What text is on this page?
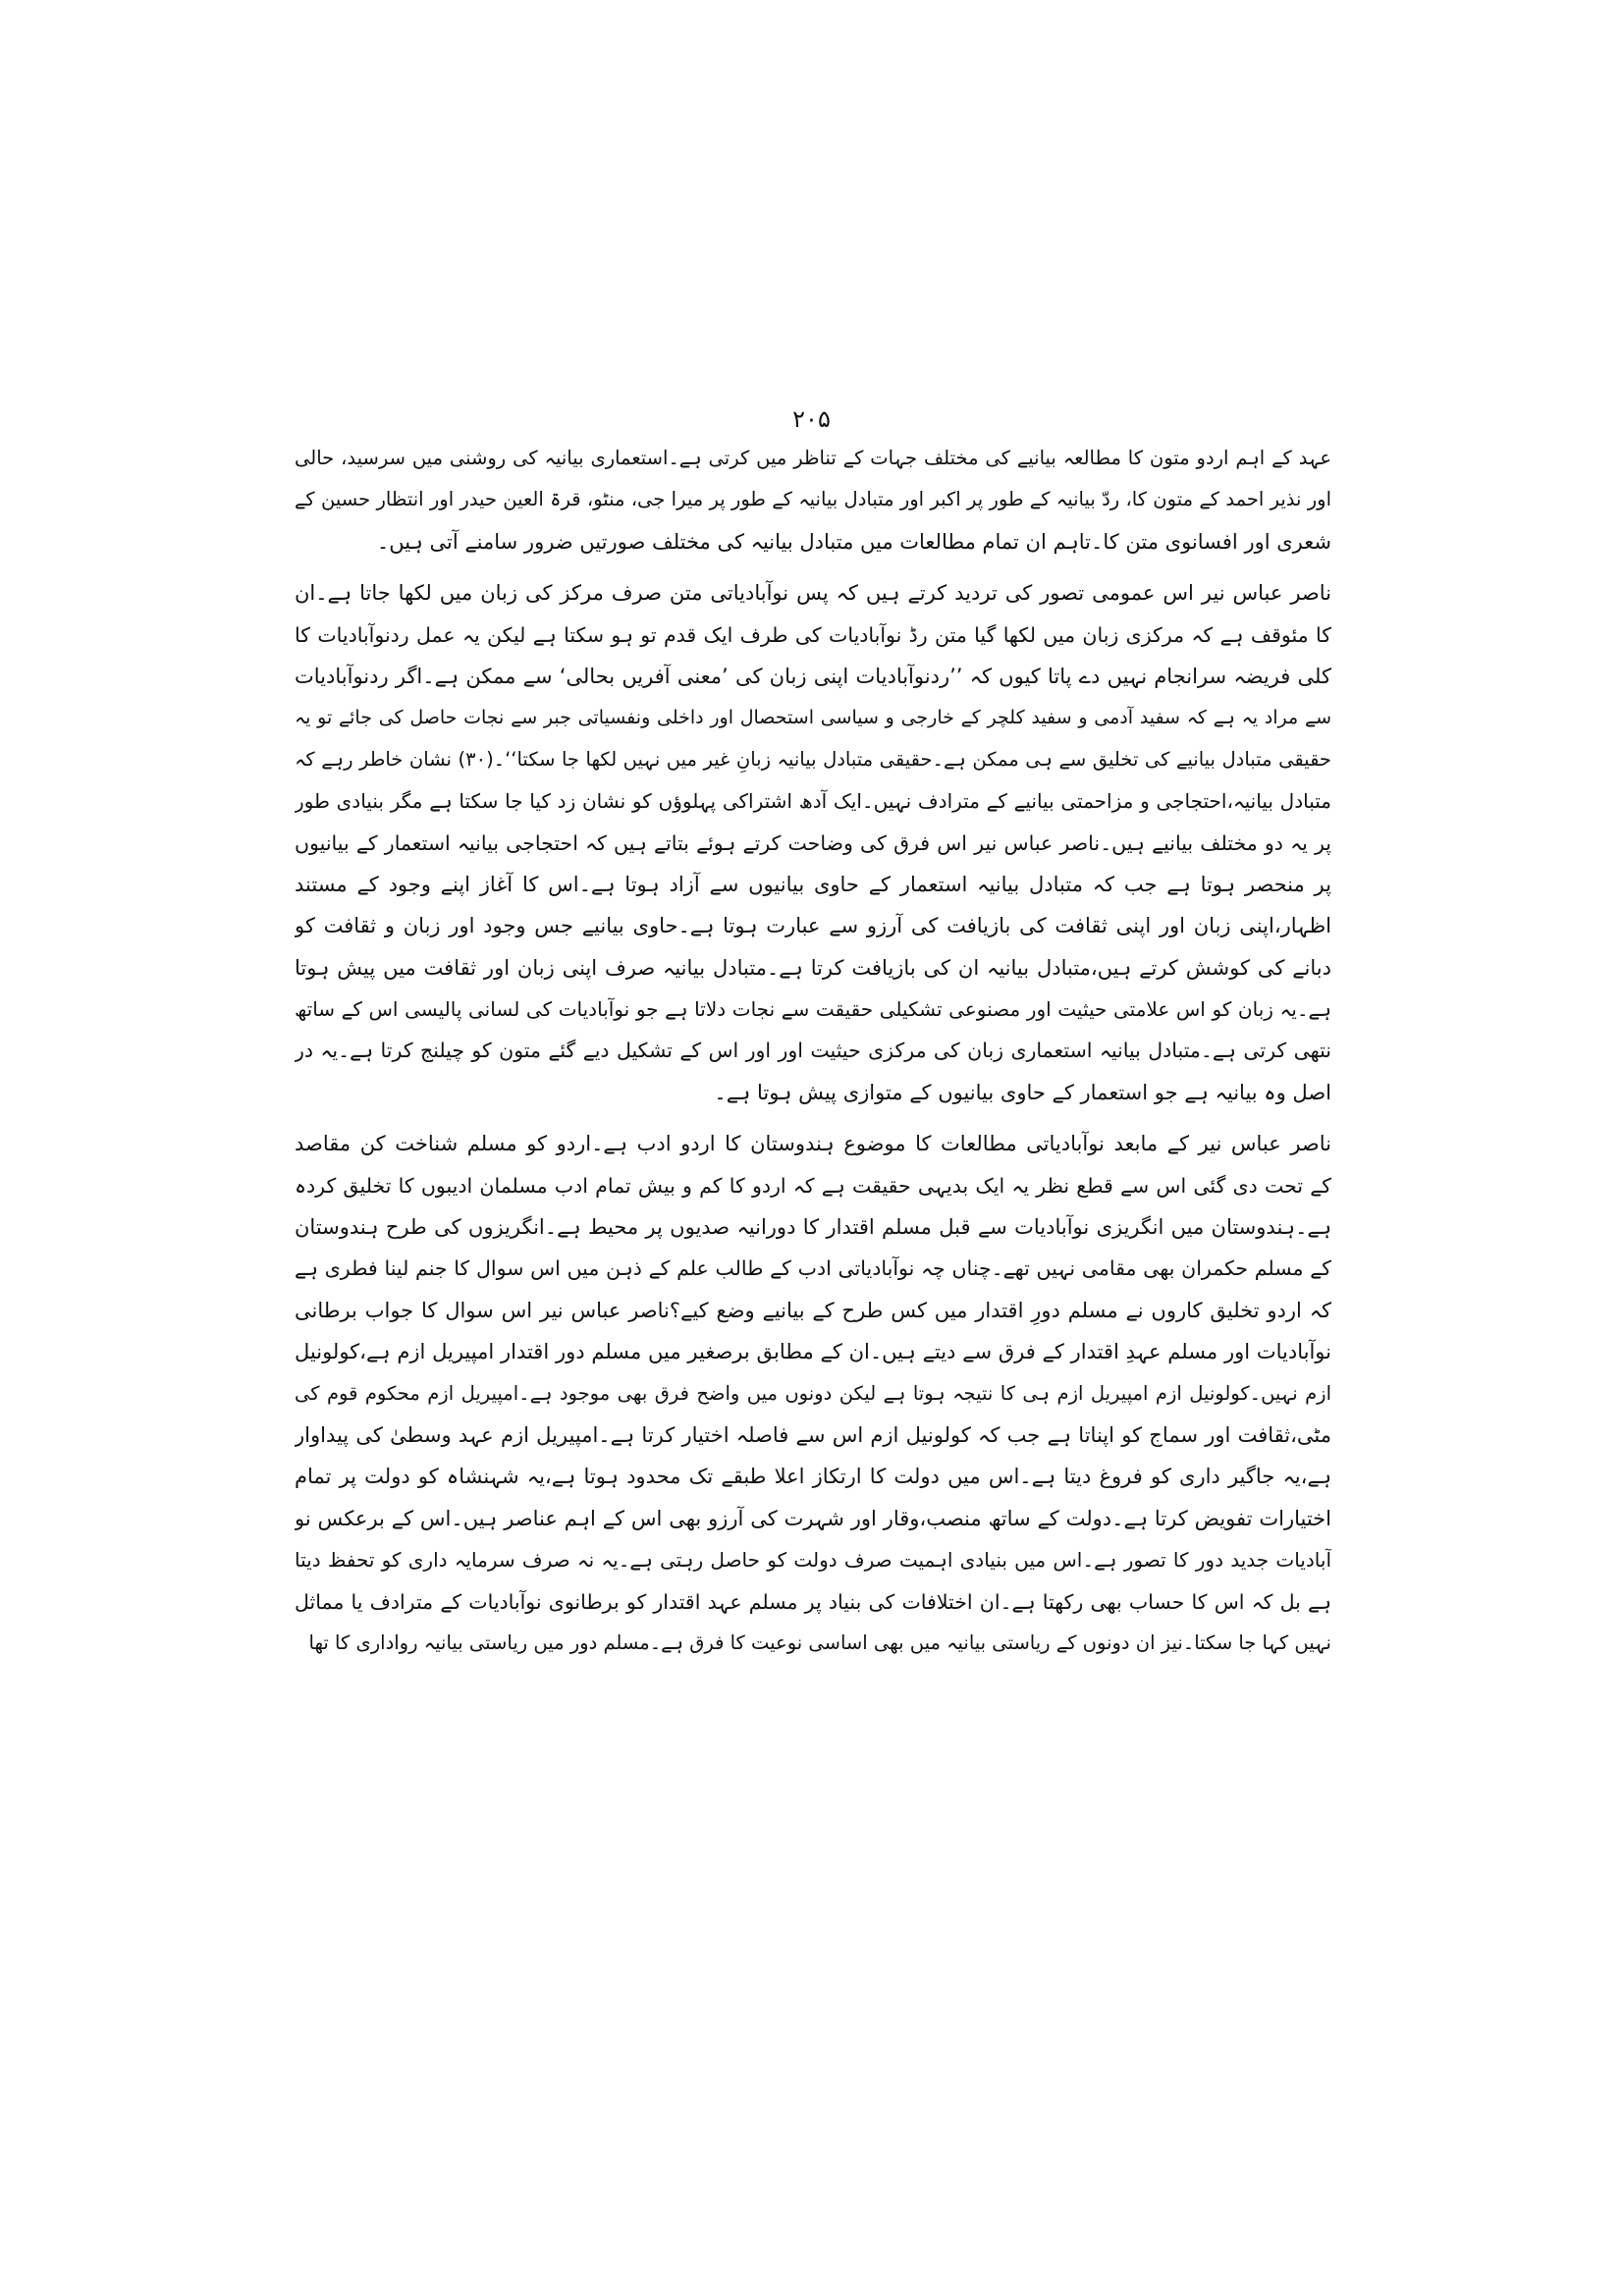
۲۰۵
عہد کے اہم اردو متون کا مطالعہ بیانیے کی مختلف جہات کے تناظر میں کرتی ہے۔استعماری بیانیہ کی روشنی میں سرسید، حالی
اور نذیر احمد کے متون کا، ردّ بیانیہ کے طور پر اکبر اور متبادل بیانیہ کے طور پر میرا جی، منٹو، قرۃ العین حیدر اور انتظار حسین کے
شعری اور افسانوی متن کا۔تاہم ان تمام مطالعات میں متبادل بیانیہ کی مختلف صورتیں ضرور سامنے آتی ہیں۔
ناصر عباس نیر اس عمومی تصور کی تردید کرتے ہیں کہ پس نوآبادیاتی متن صرف مرکز کی زبان میں لکھا جاتا ہے۔ان
کا مئوقف ہے کہ مرکزی زبان میں لکھا گیا متن رڈ نوآبادیات کی طرف ایک قدم تو ہو سکتا ہے لیکن یہ عمل ردنوآبادیات کا
کلی فریضہ سرانجام نہیں دے پاتا کیوں کہ ’’ردنوآبادیات اپنی زبان کی ’معنی آفریں بحالی‘ سے ممکن ہے۔اگر ردنوآبادیات
سے مراد یہ ہے کہ سفید آدمی و سفید کلچر کے خارجی و سیاسی استحصال اور داخلی ونفسیاتی جبر سے نجات حاصل کی جائے تو یہ
حقیقی متبادل بیانیے کی تخلیق سے ہی ممکن ہے۔حقیقی متبادل بیانیہ زبانِ غیر میں نہیں لکھا جا سکتا‘‘۔(۳۰) نشان خاطر رہے کہ
متبادل بیانیہ،احتجاجی و مزاحمتی بیانیے کے مترادف نہیں۔ایک آدھ اشتراکی پہلوؤں کو نشان زد کیا جا سکتا ہے مگر بنیادی طور
پر یہ دو مختلف بیانیے ہیں۔ناصر عباس نیر اس فرق کی وضاحت کرتے ہوئے بتاتے ہیں کہ احتجاجی بیانیہ استعمار کے بیانیوں
پر منحصر ہوتا ہے جب کہ متبادل بیانیہ استعمار کے حاوی بیانیوں سے آزاد ہوتا ہے۔اس کا آغاز اپنے وجود کے مستند
اظہار،اپنی زبان اور اپنی ثقافت کی بازیافت کی آرزو سے عبارت ہوتا ہے۔حاوی بیانیے جس وجود اور زبان و ثقافت کو
دبانے کی کوشش کرتے ہیں،متبادل بیانیہ ان کی بازیافت کرتا ہے۔متبادل بیانیہ صرف اپنی زبان اور ثقافت میں پیش ہوتا
ہے۔یہ زبان کو اس علامتی حیثیت اور مصنوعی تشکیلی حقیقت سے نجات دلاتا ہے جو نوآبادیات کی لسانی پالیسی اس کے ساتھ
نتھی کرتی ہے۔متبادل بیانیہ استعماری زبان کی مرکزی حیثیت اور اور اس کے تشکیل دیے گئے متون کو چیلنج کرتا ہے۔یہ در
اصل وہ بیانیہ ہے جو استعمار کے حاوی بیانیوں کے متوازی پیش ہوتا ہے۔
ناصر عباس نیر کے مابعد نوآبادیاتی مطالعات کا موضوع ہندوستان کا اردو ادب ہے۔اردو کو مسلم شناخت کن مقاصد
کے تحت دی گئی اس سے قطع نظر یہ ایک بدیہی حقیقت ہے کہ اردو کا کم و بیش تمام ادب مسلمان ادیبوں کا تخلیق کردہ
ہے۔ہندوستان میں انگریزی نوآبادیات سے قبل مسلم اقتدار کا دورانیہ صدیوں پر محیط ہے۔انگریزوں کی طرح ہندوستان
کے مسلم حکمران بھی مقامی نہیں تھے۔چناں چہ نوآبادیاتی ادب کے طالب علم کے ذہن میں اس سوال کا جنم لینا فطری ہے
کہ اردو تخلیق کاروں نے مسلم دورِ اقتدار میں کس طرح کے بیانیے وضع کیے؟ناصر عباس نیر اس سوال کا جواب برطانی
نوآبادیات اور مسلم عہدِ اقتدار کے فرق سے دیتے ہیں۔ان کے مطابق برصغیر میں مسلم دور اقتدار امپیریل ازم ہے،کولونیل
ازم نہیں۔کولونیل ازم امپیریل ازم ہی کا نتیجہ ہوتا ہے لیکن دونوں میں واضح فرق بھی موجود ہے۔امپیریل ازم محکوم قوم کی
مٹی،ثقافت اور سماج کو اپناتا ہے جب کہ کولونیل ازم اس سے فاصلہ اختیار کرتا ہے۔امپیریل ازم عہد وسطیٰ کی پیداوار
ہے،یہ جاگیر داری کو فروغ دیتا ہے۔اس میں دولت کا ارتکاز اعلا طبقے تک محدود ہوتا ہے،یہ شہنشاہ کو دولت پر تمام
اختیارات تفویض کرتا ہے۔دولت کے ساتھ منصب،وقار اور شہرت کی آرزو بھی اس کے اہم عناصر ہیں۔اس کے برعکس نو
آبادیات جدید دور کا تصور ہے۔اس میں بنیادی اہمیت صرف دولت کو حاصل رہتی ہے۔یہ نہ صرف سرمایہ داری کو تحفظ دیتا
ہے بل کہ اس کا حساب بھی رکھتا ہے۔ان اختلافات کی بنیاد پر مسلم عہد اقتدار کو برطانوی نوآبادیات کے مترادف یا مماثل
نہیں کہا جا سکتا۔نیز ان دونوں کے ریاستی بیانیہ میں بھی اساسی نوعیت کا فرق ہے۔مسلم دور میں ریاستی بیانیہ رواداری کا تھا
